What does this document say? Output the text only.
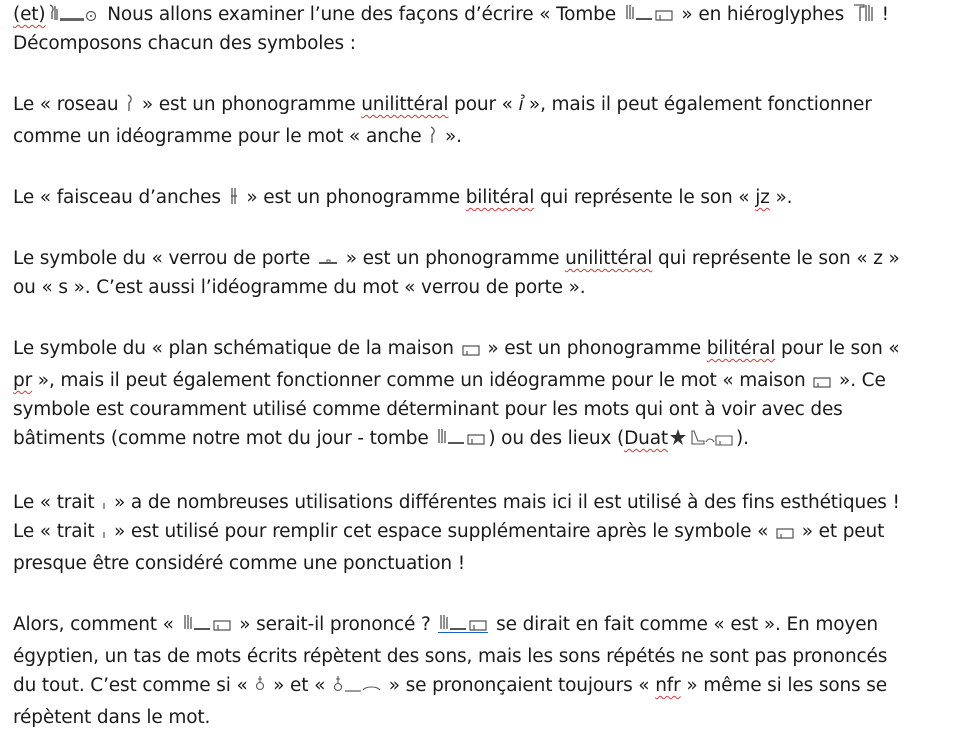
(et)	Nous allons examiner l’une des façons d’écrire « Tombe	» en hiéroglyphes
!
Décomposons chacun des symboles :
Le « roseau
» est un phonogramme unilittéral pour « ꞽ », mais il peut également fonctionner
comme un idéogramme pour le mot « anche
».
Le « faisceau d’anches
» est un phonogramme bilitéral qui représente le son « jz ».
Le symbole du « verrou de porte
» est un phonogramme unilittéral qui représente le son « z »
ou « s ». C’est aussi l’idéogramme du mot « verrou de porte ».
Le symbole du « plan schématique de la maison
» est un phonogramme bilitéral pour le son «
pr », mais il peut également fonctionner comme un idéogramme pour le mot « maison
». Ce
symbole est couramment utilisé comme déterminant pour les mots qui ont à voir avec des
bâtiments (comme notre mot du jour - tombe	) ou des lieux (Duat	).
Le « trait
» a de nombreuses utilisations différentes mais ici il est utilisé à des fins esthétiques !
Le « trait
» est utilisé pour remplir cet espace supplémentaire après le symbole «
» et peut
presque être considéré comme une ponctuation !
Alors, comment «	» serait-il prononcé ?	se dirait en fait comme « est ». En moyen
égyptien, un tas de mots écrits répètent des sons, mais les sons répétés ne sont pas prononcés
du tout. C’est comme si «
» et «	» se prononçaient toujours « nfr » même si les sons se
répètent dans le mot.
